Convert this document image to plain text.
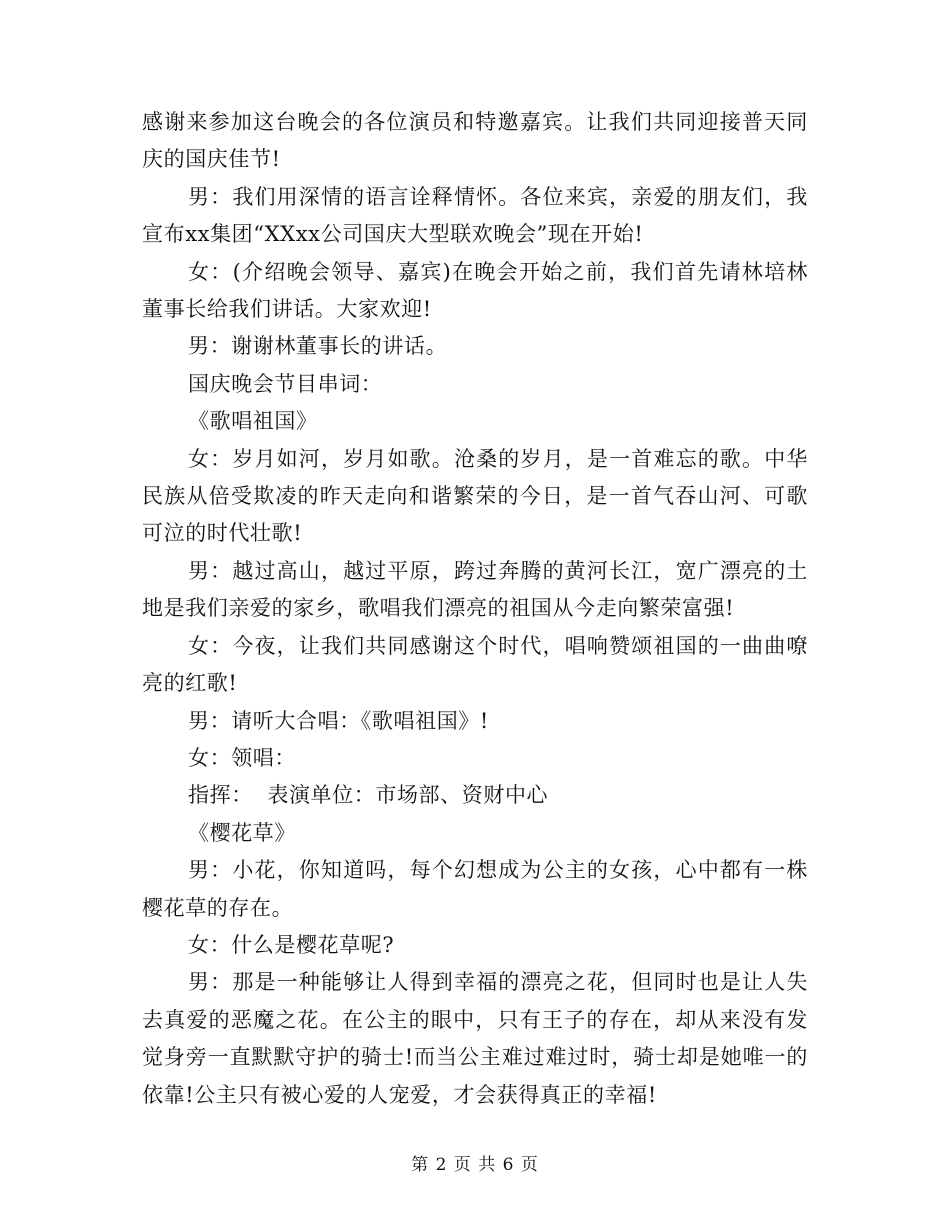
感谢来参加这台晚会的各位演员和特邀嘉宾。让我们共同迎接普天同庆的国庆佳节!

男：我们用深情的语言诠释情怀。各位来宾，亲爱的朋友们，我宣布xx集团“XXxx公司国庆大型联欢晚会”现在开始!

女：(介绍晚会领导、嘉宾)在晚会开始之前，我们首先请林培林董事长给我们讲话。大家欢迎!

男：谢谢林董事长的讲话。

国庆晚会节目串词：

《歌唱祖国》

女：岁月如河，岁月如歌。沧桑的岁月，是一首难忘的歌。中华民族从倍受欺凌的昨天走向和谐繁荣的今日，是一首气吞山河、可歌可泣的时代壮歌!

男：越过高山，越过平原，跨过奔腾的黄河长江，宽广漂亮的土地是我们亲爱的家乡，歌唱我们漂亮的祖国从今走向繁荣富强!

女：今夜，让我们共同感谢这个时代，唱响赞颂祖国的一曲曲嘹亮的红歌!

男：请听大合唱：《歌唱祖国》!

女：领唱：

指挥：  表演单位：市场部、资财中心

《樱花草》

男：小花，你知道吗，每个幻想成为公主的女孩，心中都有一株樱花草的存在。

女：什么是樱花草呢?

男：那是一种能够让人得到幸福的漂亮之花，但同时也是让人失去真爱的恶魔之花。在公主的眼中，只有王子的存在，却从来没有发觉身旁一直默默守护的骑士!而当公主难过难过时，骑士却是她唯一的依靠!公主只有被心爱的人宠爱，才会获得真正的幸福!

第 2 页 共 6 页
